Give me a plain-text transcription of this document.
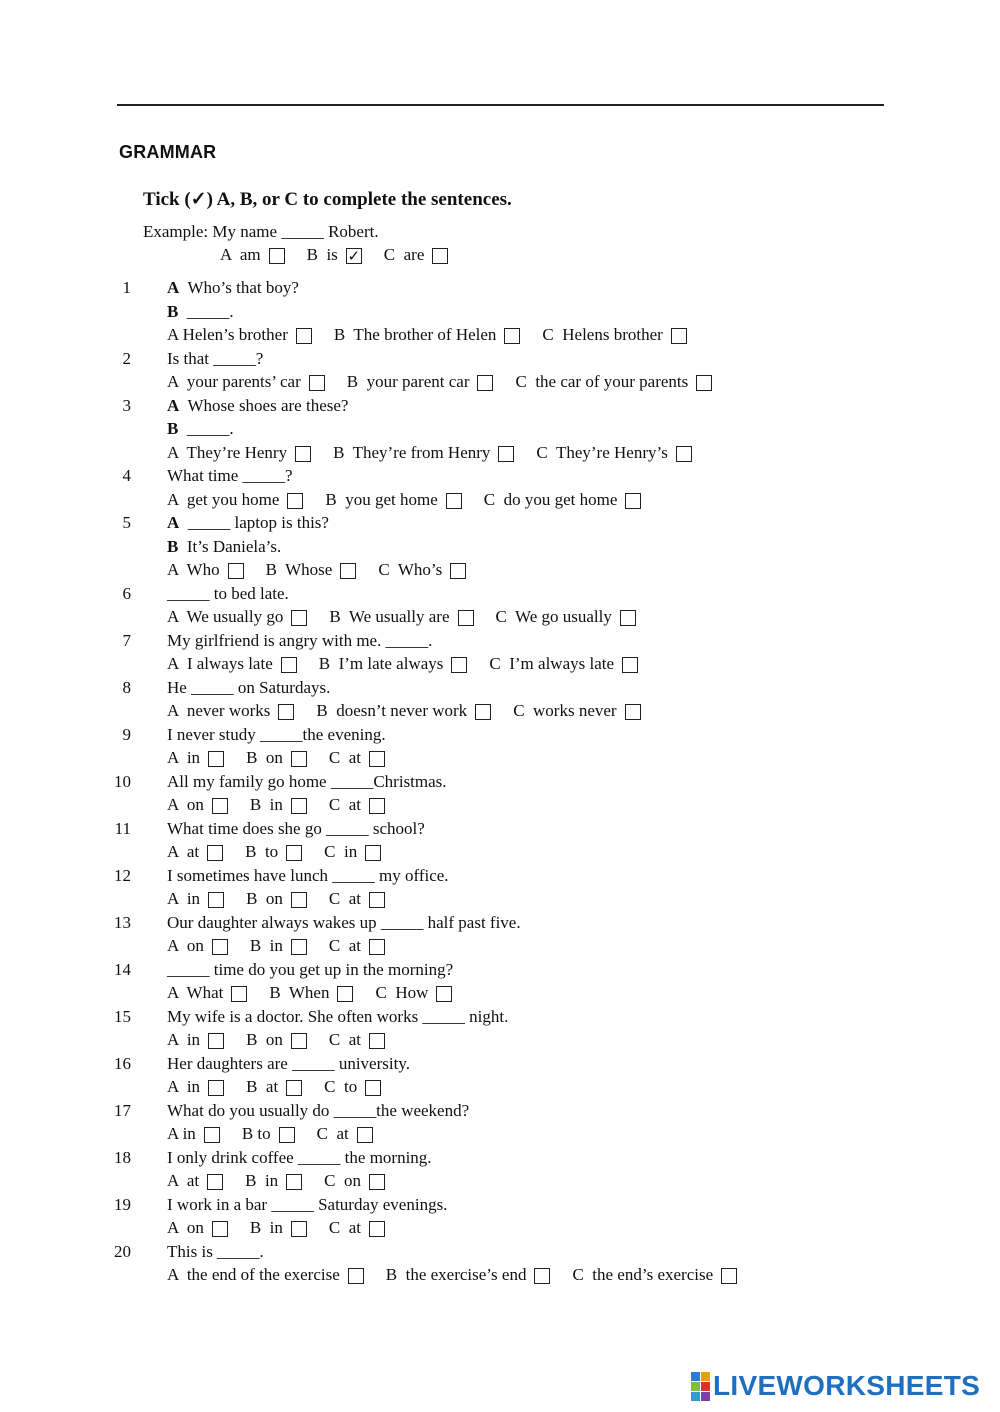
GRAMMAR
Tick (✓) A, B, or C to complete the sentences.
Example: My name _____ Robert.
A  am	B  is
✓	C  are
1 A Who’s that boy?
B _____.
A Helen’s brother	B  The brother of Helen	C  Helens brother
2 Is that _____?
A  your parents’ car	B  your parent car	C  the car of your parents
3 A Whose shoes are these?
B _____.
A  They’re Henry	B  They’re from Henry	C  They’re Henry’s
4 What time _____?
A  get you home	B  you get home	C  do you get home
5 A _____ laptop is this?
B It’s Daniela’s.
A  Who	B  Whose	C  Who’s
6 _____ to bed late.
A  We usually go	B  We usually are	C  We go usually
7 My girlfriend is angry with me. _____.
A  I always late	B  I’m late always	C  I’m always late
8 He _____ on Saturdays.
A  never works	B  doesn’t never work	C  works never
9 I never study _____the evening.
A  in	B  on	C  at
10 All my family go home _____Christmas.
A  on	B  in	C  at
11 What time does she go _____ school?
A  at	B  to	C  in
12 I sometimes have lunch _____ my office.
A  in	B  on	C  at
13 Our daughter always wakes up _____ half past five.
A  on	B  in	C  at
14 _____ time do you get up in the morning?
A  What	B  When	C  How
15 My wife is a doctor. She often works _____ night.
A  in	B  on	C  at
16 Her daughters are _____ university.
A  in	B  at	C  to
17 What do you usually do _____the weekend?
A in	B to	C  at
18 I only drink coffee _____ the morning.
A  at	B  in	C  on
19 I work in a bar _____ Saturday evenings.
A  on	B  in	C  at
20 This is _____.
A  the end of the exercise	B  the exercise’s end	C  the end’s exercise
LIVEWORKSHEETS
